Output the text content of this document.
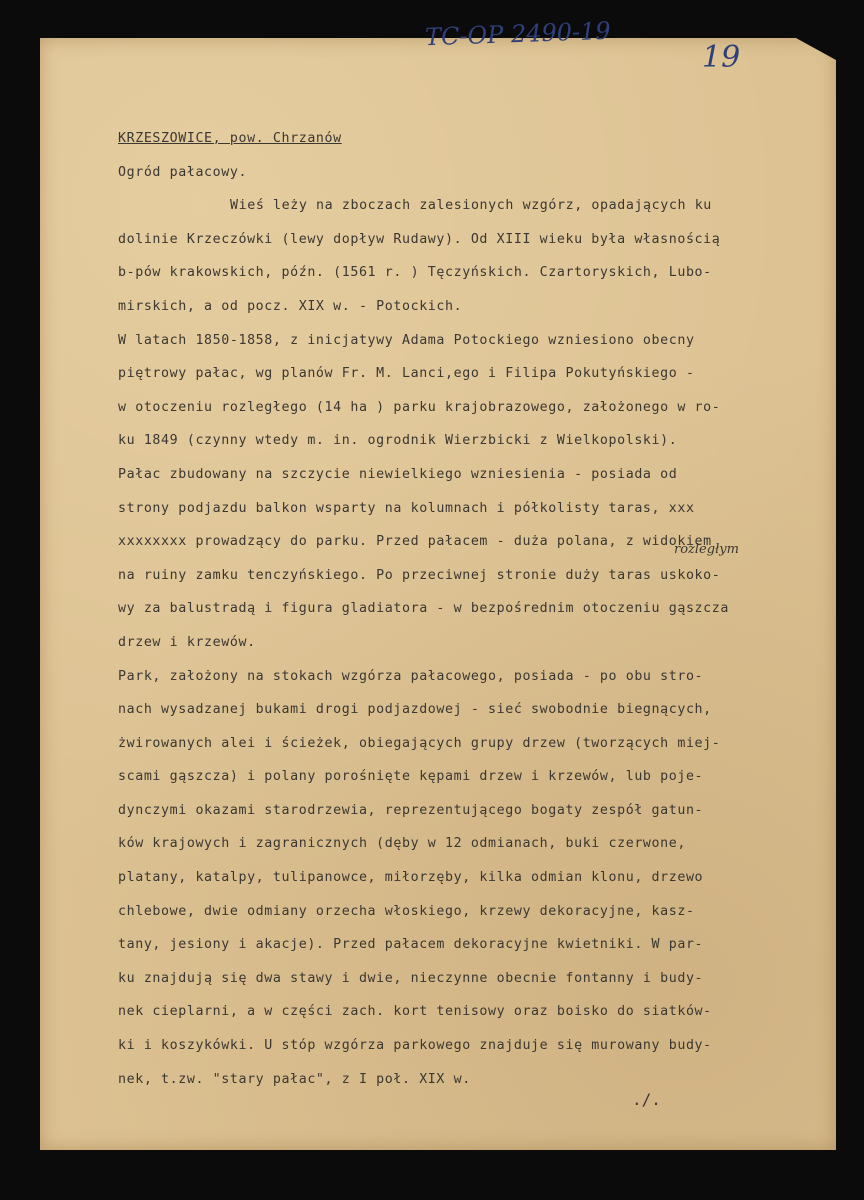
TC-OP 2490-19
19
KRZESZOWICE, pow. Chrzanów
Ogród pałacowy.
Wieś leży na zboczach zalesionych wzgórz, opadających ku
dolinie Krzeczówki (lewy dopływ Rudawy). Od XIII wieku była własnością
b-pów krakowskich, późn. (1561 r. ) Tęczyńskich. Czartoryskich, Lubo-
mirskich, a od pocz. XIX w. - Potockich.
W latach 1850-1858, z inicjatywy Adama Potockiego wzniesiono obecny
piętrowy pałac, wg planów Fr. M. Lanci,ego i Filipa Pokutyńskiego -
w otoczeniu rozległego (14 ha ) parku krajobrazowego, założonego w ro-
ku 1849 (czynny wtedy m. in. ogrodnik Wierzbicki z Wielkopolski).
Pałac zbudowany na szczycie niewielkiego wzniesienia - posiada od
strony podjazdu balkon wsparty na kolumnach i półkolisty taras, xxx
xxxxxxxx prowadzący do parku. Przed pałacem - duża polana, z widokiem
na ruiny zamku tenczyńskiego. Po przeciwnej stronie duży taras uskoko-
wy za balustradą i figura gladiatora - w bezpośrednim otoczeniu gąszcza
drzew i krzewów.
Park, założony na stokach wzgórza pałacowego, posiada - po obu stro-
nach wysadzanej bukami drogi podjazdowej - sieć swobodnie biegnących,
żwirowanych alei i ścieżek, obiegających grupy drzew (tworzących miej-
scami gąszcza) i polany porośnięte kępami drzew i krzewów, lub poje-
dynczymi okazami starodrzewia, reprezentującego bogaty zespół gatun-
ków krajowych i zagranicznych (dęby w 12 odmianach, buki czerwone,
platany, katalpy, tulipanowce, miłorzęby, kilka odmian klonu, drzewo
chlebowe, dwie odmiany orzecha włoskiego, krzewy dekoracyjne, kasz-
tany, jesiony i akacje). Przed pałacem dekoracyjne kwietniki. W par-
ku znajdują się dwa stawy i dwie, nieczynne obecnie fontanny i budy-
nek cieplarni, a w części zach. kort tenisowy oraz boisko do siatków-
ki i koszykówki. U stóp wzgórza parkowego znajduje się murowany budy-
nek, t.zw. "stary pałac", z I poł. XIX w.
rozległym
./.
